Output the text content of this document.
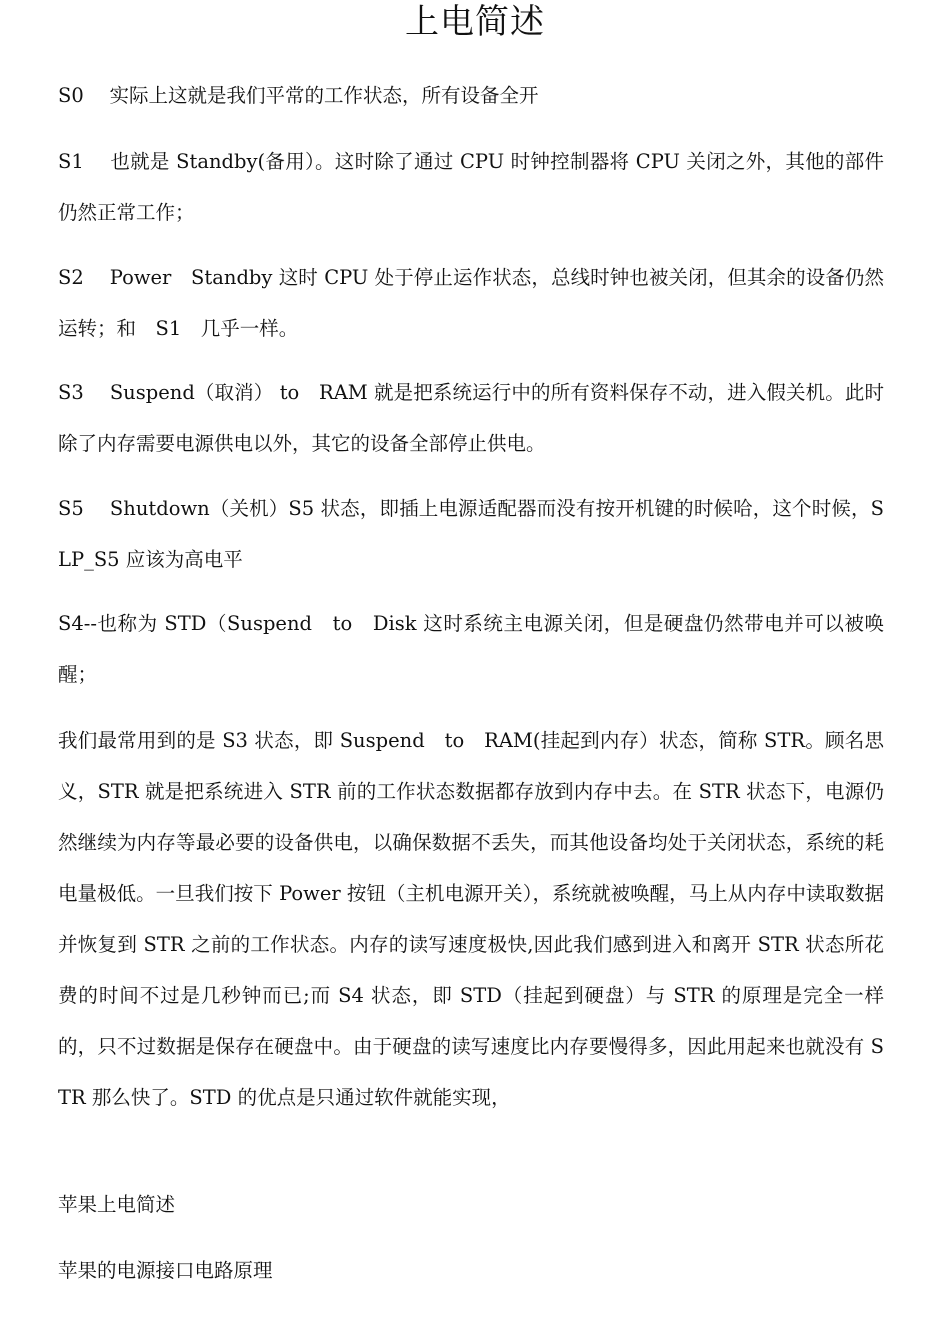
上电简述
S0　 实际上这就是我们平常的工作状态，所有设备全开
S1　 也就是 Standby(备用）。这时除了通过 CPU 时钟控制器将 CPU 关闭之外，其他的部件仍然正常工作；
S2　 Power　Standby 这时 CPU 处于停止运作状态，总线时钟也被关闭，但其余的设备仍然运转；和　S1　几乎一样。
S3　 Suspend（取消） to　RAM 就是把系统运行中的所有资料保存不动，进入假关机。此时除了内存需要电源供电以外，其它的设备全部停止供电。
S5　 Shutdown（关机）S5 状态，即插上电源适配器而没有按开机键的时候哈，这个时候，SLP_S5 应该为高电平
S4--也称为 STD（Suspend　to　Disk 这时系统主电源关闭，但是硬盘仍然带电并可以被唤醒；
我们最常用到的是 S3 状态，即 Suspend　to　RAM(挂起到内存）状态，简称 STR。顾名思义，STR 就是把系统进入 STR 前的工作状态数据都存放到内存中去。在 STR 状态下，电源仍然继续为内存等最必要的设备供电，以确保数据不丢失，而其他设备均处于关闭状态，系统的耗电量极低。一旦我们按下 Power 按钮（主机电源开关），系统就被唤醒，马上从内存中读取数据并恢复到 STR 之前的工作状态。内存的读写速度极快,因此我们感到进入和离开 STR 状态所花费的时间不过是几秒钟而已;而 S4 状态，即 STD（挂起到硬盘）与 STR 的原理是完全一样的，只不过数据是保存在硬盘中。由于硬盘的读写速度比内存要慢得多，因此用起来也就没有 STR 那么快了。STD 的优点是只通过软件就能实现，
苹果上电简述
苹果的电源接口电路原理
